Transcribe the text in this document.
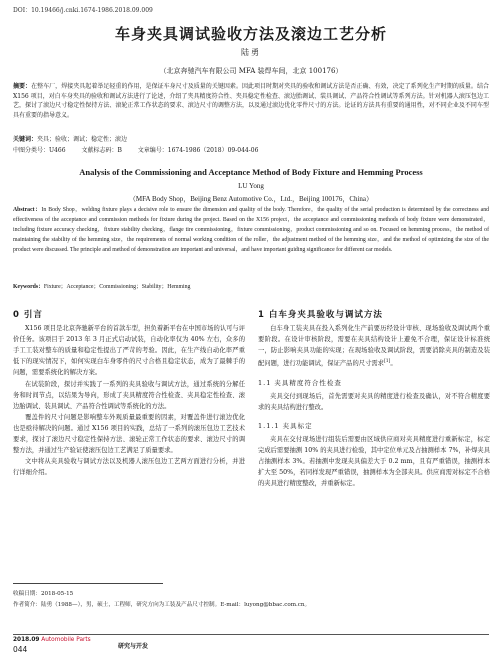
DOI：10.19466/j.cnki.1674-1986.2018.09.009
车身夹具调试验收方法及滚边工艺分析
陆勇
（北京奔驰汽车有限公司 MFA 装焊车间，北京 100176）
摘要：在整车厂，焊接夹具起着举足轻重的作用，是保证车身尺寸及质量的关键因素。因此项目时期对夹具的验收和调试方法是否正确、有效，决定了系列化生产时期的质量。结合 X156 项目，对白车身夹具的验收和调试方法进行了论述，介绍了夹具精度符合性、夹具稳定性检查、滚边胎调试、装具调试、产品符合性调试等系列方法。针对机器人滚压包边工艺，探讨了滚边尺寸稳定性保持方法、滚轮正常工作状态的要求、滚边尺寸的调整方法，以及通过滚边优化零件尺寸的方法。论证的方法具有重要的通用性，对不同企业及不同车型具有重要的指导意义。
关键词：夹具；验收；调试；稳定性；滚边
中图分类号：U466	文献标志码：B	文章编号：1674-1986（2018）09-044-06
Analysis of the Commissioning and Acceptance Method of Body Fixture and Hemming Process
LU Yong
（MFA Body Shop，Beijing Benz Automotive Co.，Ltd.，Beijing 100176，China）
Abstract：In Body Shop，welding fixture plays a decisive role to ensure the dimension and quality of the body. Therefore，the quality of the serial production is determined by the correctness and effectiveness of the acceptance and commission methods for fixture during the project. Based on the X156 project，the acceptance and commissioning methods of body fixture were demonstrated，including fixture accuracy checking，fixture stability checking，flange tire commissioning，fixture commissioning，product commissioning and so on. Focused on hemming process，the method of maintaining the stability of the hemming size，the requirements of normal working condition of the roller，the adjustment method of the hemming size，and the method of optimizing the size of the product were discussed. The principle and method of demonstration are important and universal，and have important guiding significance for different car models.
Keywords：Fixture；Acceptance；Commissioning；Stability；Hemming
0 引言

X156 项目是北京奔驰新平台的首款车型，担负着新平台在中国市场的认可与评价任务。该项目于 2013 年 3 月正式启动试装，自动化率仅为 40% 左右，众多的手工工装对整车的质量和稳定性提出了严苛的考验。因此，在生产线自动化率严重低下的现实情况下，如何实现白车身零件的尺寸合格且稳定状态，成为了最棘手的问题，需要系统化的解决方案。

在试装阶段，探讨并实践了一系列的夹具验收与调试方法，通过系统的分解任务和时间节点，以结果为导向，形成了夹具精度符合性检查、夹具稳定性检查、滚边胎调试、装具调试、产品符合性调试等系统化的方法。

覆盖件的尺寸问题是影响整车外观质量最重要的因素，对覆盖件进行滚边优化也是亟待解决的问题。通过 X156 项目的实践，总结了一系列的滚压包边工艺技术要求，探讨了滚边尺寸稳定性保持方法、滚轮正常工作状态的要求、滚边尺寸的调整方法，并通过生产验证使滚压包边工艺满足了质量要求。

文中将从夹具验收与调试方法以及机器人滚压包边工艺两方面进行分析，并进行详细介绍。

1 白车身夹具验收与调试方法

白车身工装夹具在投入系列化生产前要历经设计审核、现场验收及调试两个重要阶段。在设计审核阶段，需要在夹具结构设计上避免不合理，保证设计标准统一，防止影响夹具功能的实现；在现场验收及调试阶段，需要消除夹具的制造及装配问题，进行功能调试，保证产品的尺寸需求[1]。

1.1 夹具精度符合性检查

夹具交付到现场后，首先需要对夹具的精度进行检查及确认，对不符合精度要求的夹具结构进行整改。

1.1.1 夹具标定

夹具在交付现场进行组装后需要由区域供应商对夹具精度进行重新标定，标定完成后需要抽测 10% 的夹具进行检验，其中定位单元及占抽测样本 7%，补焊夹具占抽测样本 3%。若抽测中发现夹具偏差大于 0.2 mm，且有严重错误，抽测样本扩大至 50%，若同样发现严重错误，抽测样本为全部夹具。供应商需对标定不合格的夹具进行精度整改，并重新标定。

收稿日期：2018-05-15
作者简介：陆勇（1988—），男，硕士，工程师，研究方向为工装及产品尺寸控制。E-mail：luyong@bbac.com.cn。
2018.09 Automobile Parts
044	研究与开发
